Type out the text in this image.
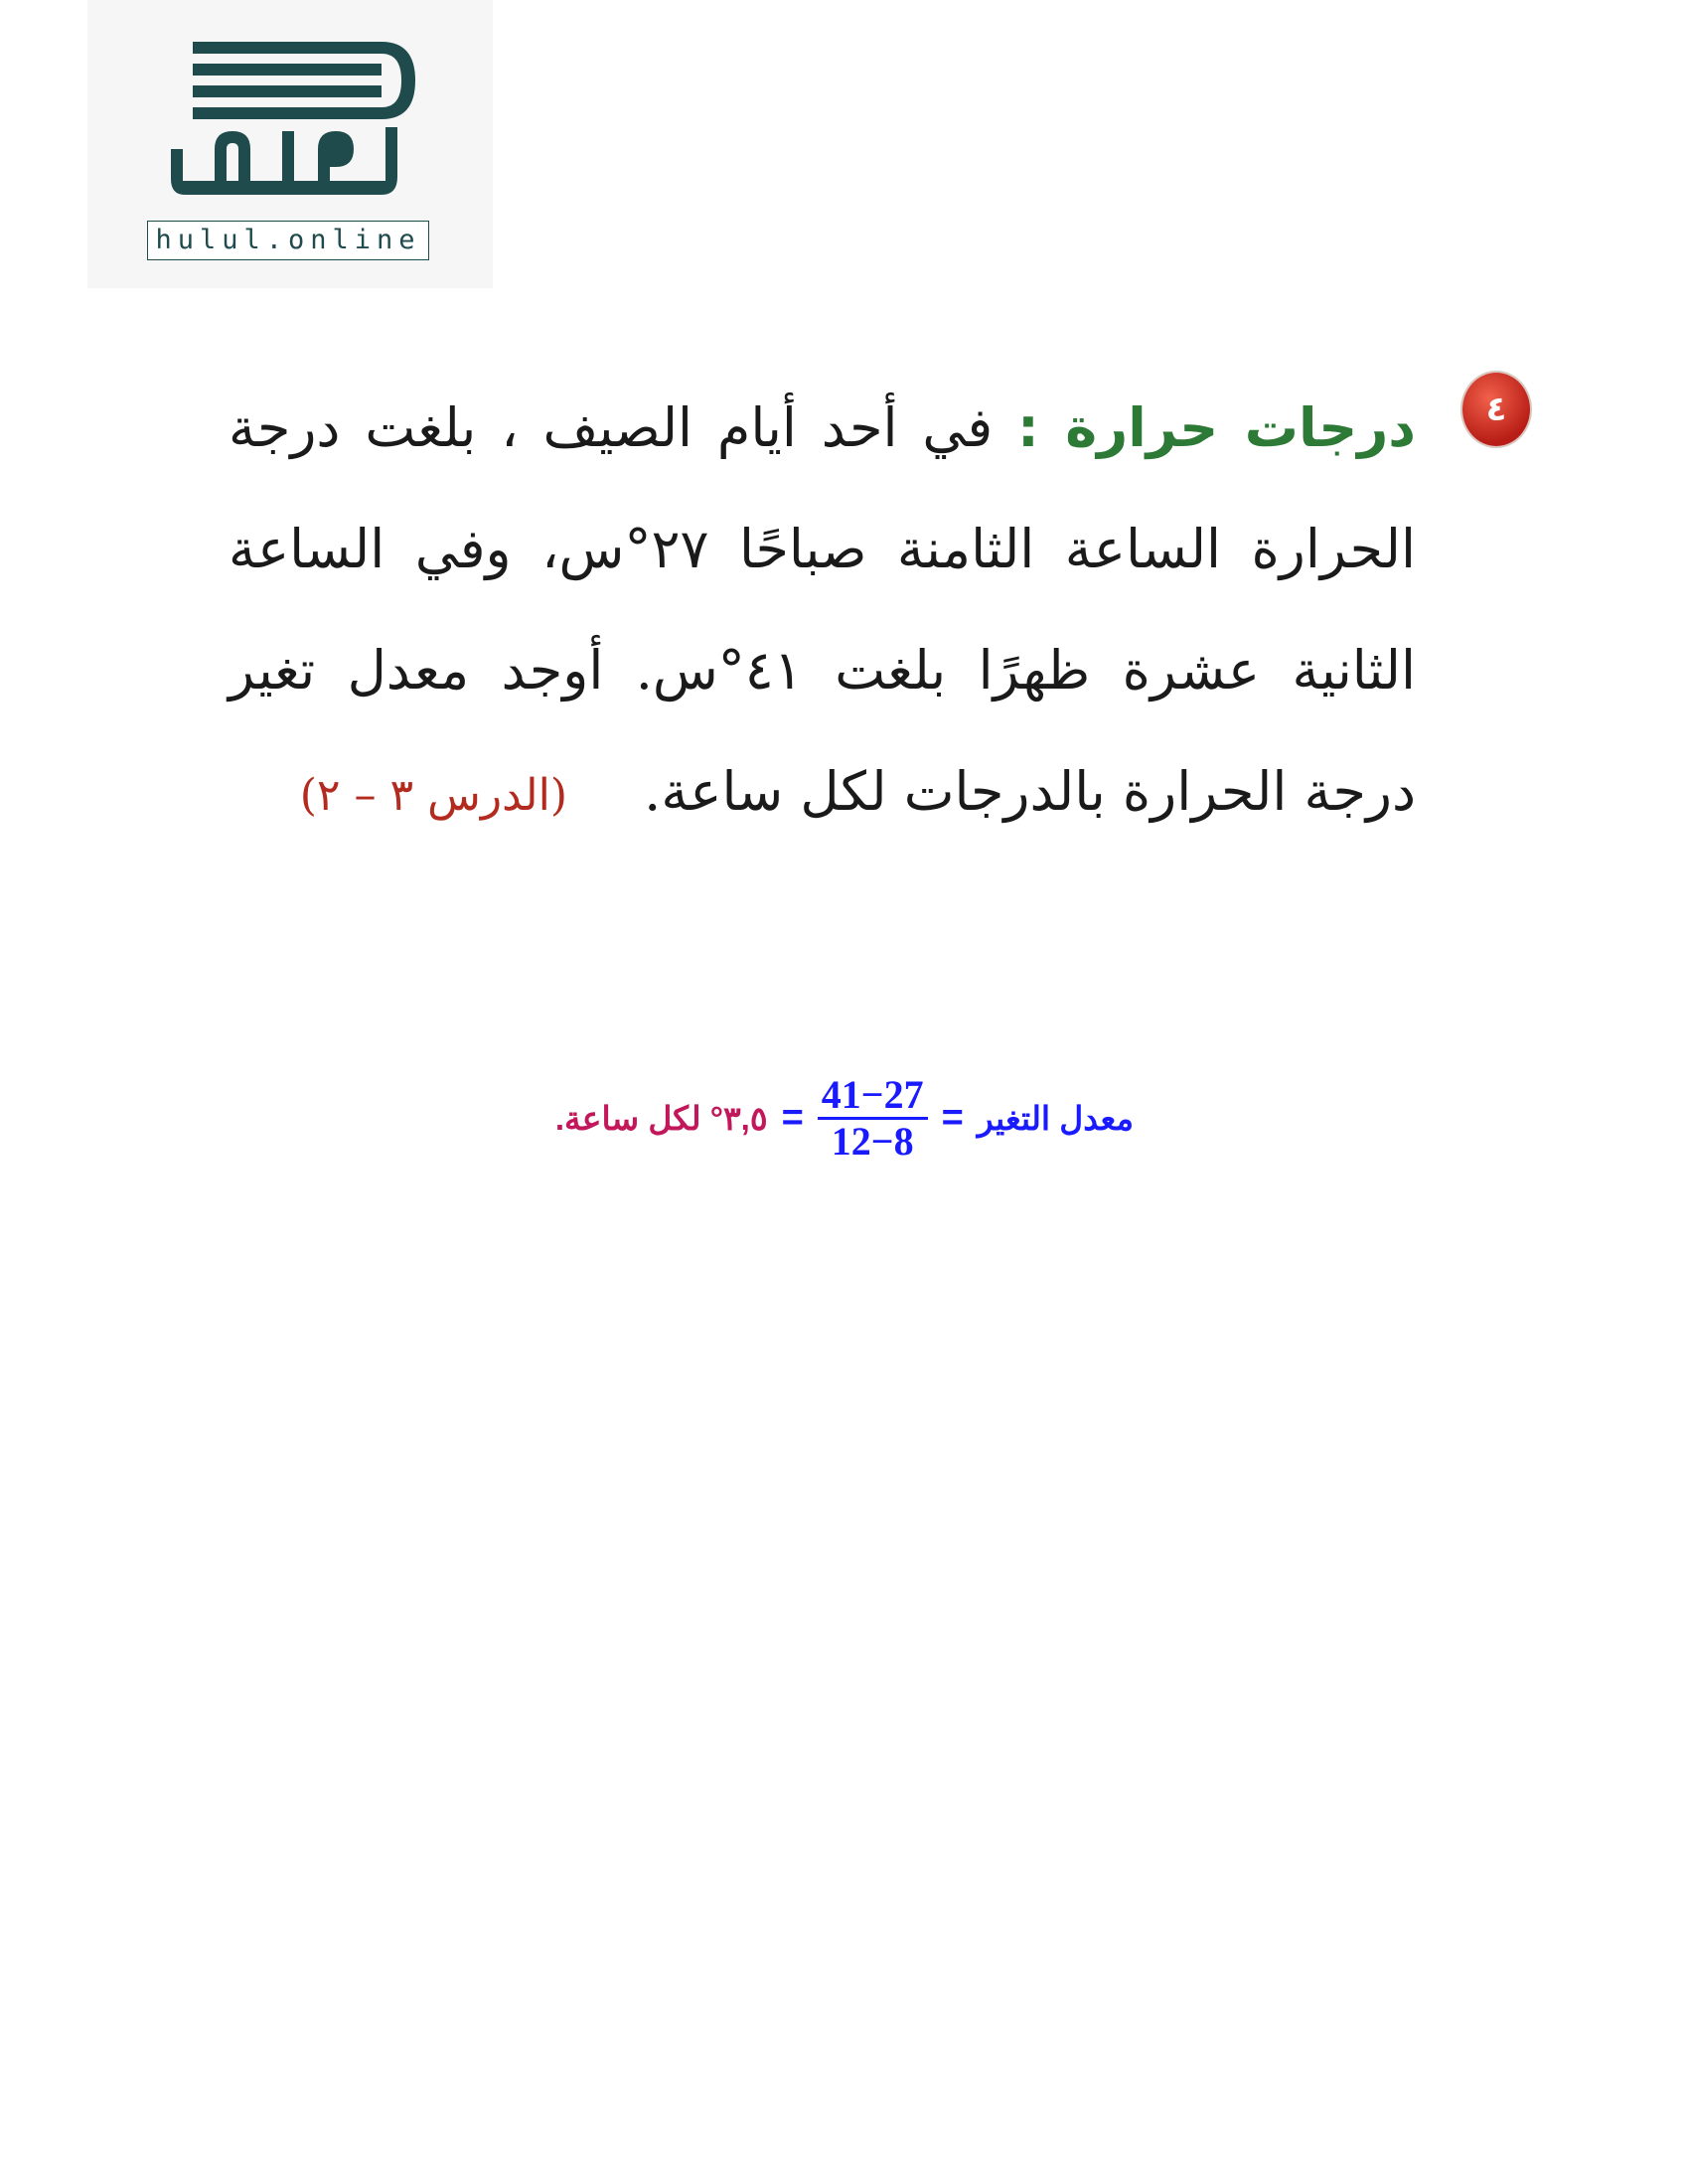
hulul.online
٤
درجات حرارة : في أحد أيام الصيف ، بلغت درجة الحرارة الساعة الثامنة صباحًا ٢٧°س، وفي الساعة الثانية عشرة ظهرًا بلغت ٤١°س. أوجد معدل تغير درجة الحرارة بالدرجات لكل ساعة. (الدرس ٣ – ٢)
معدل التغير
=
$\frac{41-27}{12-8}$
=
٣,٥° لكل ساعة.
